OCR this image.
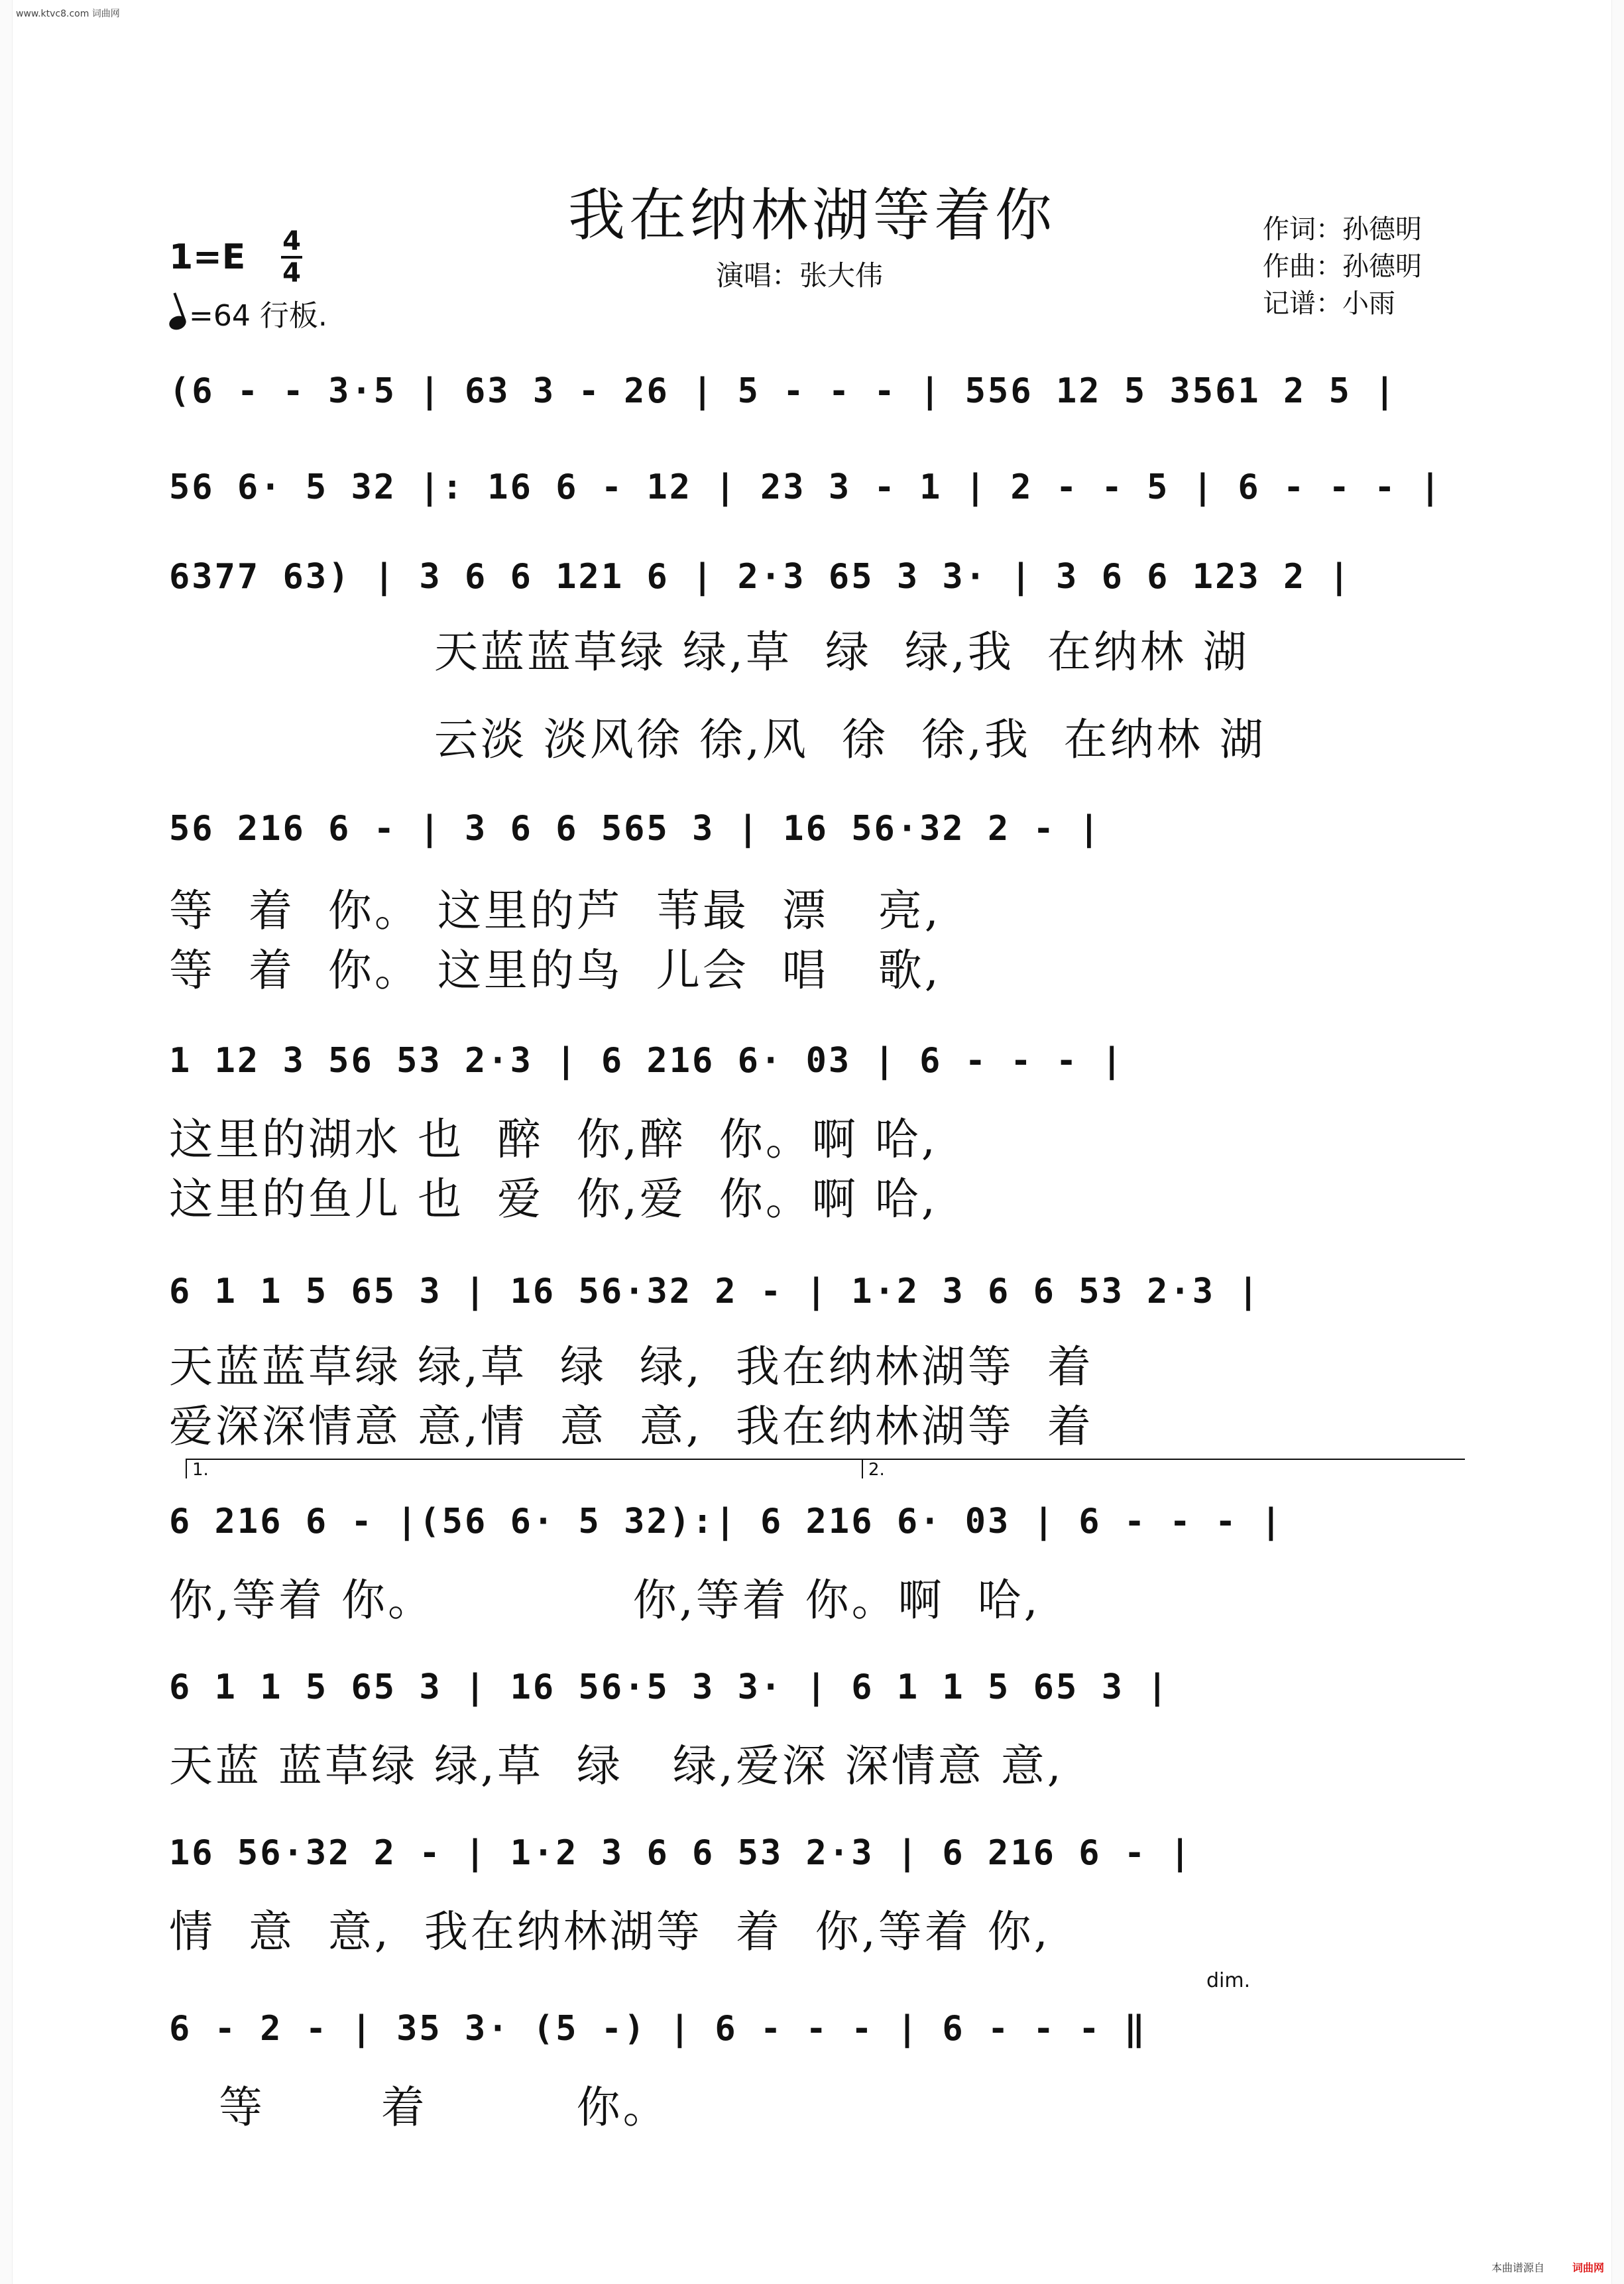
www.ktvc8.com 词曲网
我在纳林湖等着你
演唱：张大伟
作词：孙德明
作曲：孙德明
记谱：小雨
1=E 4
4
=64 行板.
(6 - - 3·5 | 63 3 - 26 | 5 - - - | 556 12 5 3561 2 5 |
56 6· 5 32 |: 16 6 - 12 | 23 3 - 1 | 2 - - 5 | 6 - - - |
6377 63) | 3 6 6 121 6 | 2·3 65 3 3· | 3 6 6 123 2 |
天蓝蓝草绿 绿,草  绿  绿,我  在纳林 湖
云淡 淡风徐 徐,风  徐  徐,我  在纳林 湖
56 216 6 - | 3 6 6 565 3 | 16 56·32 2 - |
等  着  你。 这里的芦  苇最  漂   亮,
等  着  你。 这里的鸟  儿会  唱   歌,
1 12 3 56 53 2·3 | 6 216 6· 03 | 6 - - - |
这里的湖水 也  醉  你,醉  你。啊 哈,
这里的鱼儿 也  爱  你,爱  你。啊 哈,
6 1 1 5 65 3 | 16 56·32 2 - | 1·2 3 6 6 53 2·3 |
天蓝蓝草绿 绿,草  绿  绿,  我在纳林湖等  着
爱深深情意 意,情  意  意,  我在纳林湖等  着
1.	2.
6 216 6 - |(56 6· 5 32):| 6 216 6· 03 | 6 - - - |
你,等着 你。            你,等着 你。啊  哈,
6 1 1 5 65 3 | 16 56·5 3 3· | 6 1 1 5 65 3 |
天蓝 蓝草绿 绿,草  绿   绿,爱深 深情意 意,
16 56·32 2 - | 1·2 3 6 6 53 2·3 | 6 216 6 - |
情  意  意,  我在纳林湖等  着  你,等着 你,
dim.
6 - 2 - | 35 3· (5 -) | 6 - - - | 6 - - - ‖
等       着         你。
本曲谱源自	词曲网
